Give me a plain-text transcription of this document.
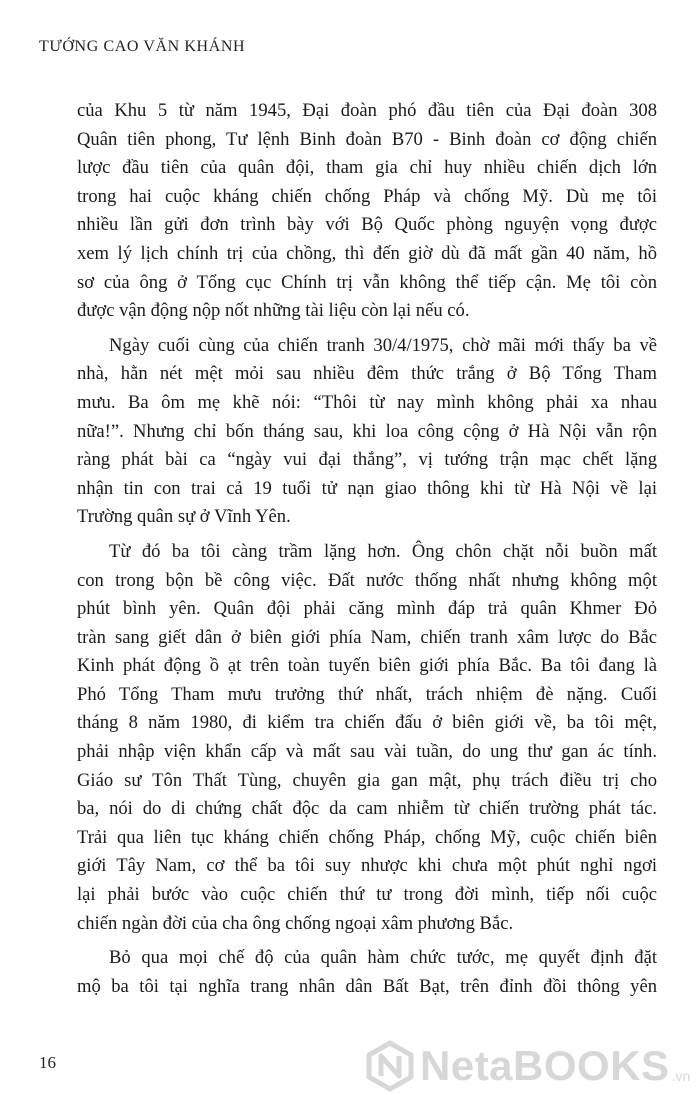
TƯỚNG CAO VĂN KHÁNH
của Khu 5 từ năm 1945, Đại đoàn phó đầu tiên của Đại đoàn 308
Quân tiên phong, Tư lệnh Binh đoàn B70 - Binh đoàn cơ động chiến
lược đầu tiên của quân đội, tham gia chỉ huy nhiều chiến dịch lớn
trong hai cuộc kháng chiến chống Pháp và chống Mỹ. Dù mẹ tôi
nhiều lần gửi đơn trình bày với Bộ Quốc phòng nguyện vọng được
xem lý lịch chính trị của chồng, thì đến giờ dù đã mất gần 40 năm, hồ
sơ của ông ở Tổng cục Chính trị vẫn không thể tiếp cận. Mẹ tôi còn
được vận động nộp nốt những tài liệu còn lại nếu có.
Ngày cuối cùng của chiến tranh 30/4/1975, chờ mãi mới thấy ba về
nhà, hằn nét mệt mỏi sau nhiều đêm thức trắng ở Bộ Tổng Tham
mưu. Ba ôm mẹ khẽ nói: “Thôi từ nay mình không phải xa nhau
nữa!”. Nhưng chỉ bốn tháng sau, khi loa công cộng ở Hà Nội vẫn rộn
ràng phát bài ca “ngày vui đại thắng”, vị tướng trận mạc chết lặng
nhận tin con trai cả 19 tuổi tử nạn giao thông khi từ Hà Nội về lại
Trường quân sự ở Vĩnh Yên.
Từ đó ba tôi càng trầm lặng hơn. Ông chôn chặt nỗi buồn mất
con trong bộn bề công việc. Đất nước thống nhất nhưng không một
phút bình yên. Quân đội phải căng mình đáp trả quân Khmer Đỏ
tràn sang giết dân ở biên giới phía Nam, chiến tranh xâm lược do Bắc
Kinh phát động ồ ạt trên toàn tuyến biên giới phía Bắc. Ba tôi đang là
Phó Tổng Tham mưu trưởng thứ nhất, trách nhiệm đè nặng. Cuối
tháng 8 năm 1980, đi kiểm tra chiến đấu ở biên giới về, ba tôi mệt,
phải nhập viện khẩn cấp và mất sau vài tuần, do ung thư gan ác tính.
Giáo sư Tôn Thất Tùng, chuyên gia gan mật, phụ trách điều trị cho
ba, nói do di chứng chất độc da cam nhiễm từ chiến trường phát tác.
Trải qua liên tục kháng chiến chống Pháp, chống Mỹ, cuộc chiến biên
giới Tây Nam, cơ thể ba tôi suy nhược khi chưa một phút nghỉ ngơi
lại phải bước vào cuộc chiến thứ tư trong đời mình, tiếp nối cuộc
chiến ngàn đời của cha ông chống ngoại xâm phương Bắc.
Bỏ qua mọi chế độ của quân hàm chức tước, mẹ quyết định đặt
mộ ba tôi tại nghĩa trang nhân dân Bất Bạt, trên đỉnh đồi thông yên
16	NetaBOOKS .vn
